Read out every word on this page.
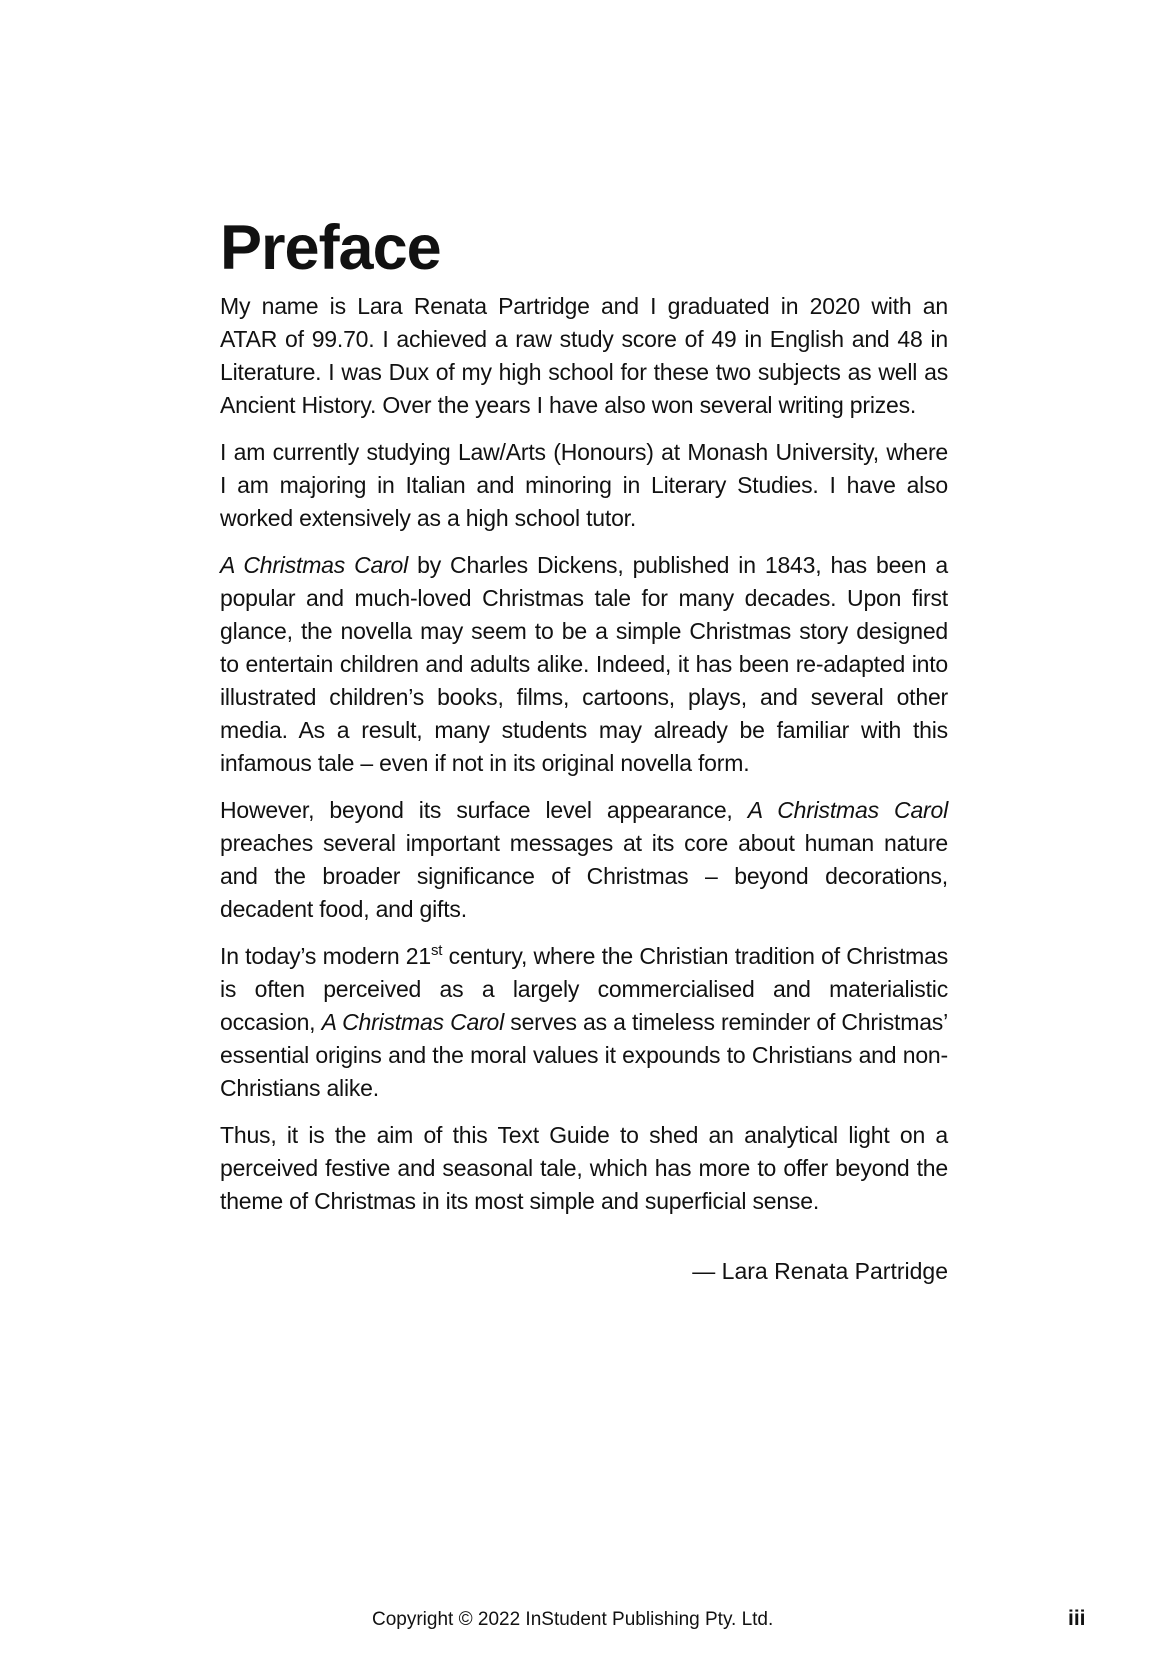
Preface

My name is Lara Renata Partridge and I graduated in 2020 with an ATAR of 99.70. I achieved a raw study score of 49 in English and 48 in Literature. I was Dux of my high school for these two subjects as well as Ancient History. Over the years I have also won several writing prizes.

I am currently studying Law/Arts (Honours) at Monash University, where I am majoring in Italian and minoring in Literary Studies. I have also worked extensively as a high school tutor.

A Christmas Carol by Charles Dickens, published in 1843, has been a popular and much-loved Christmas tale for many decades. Upon first glance, the novella may seem to be a simple Christmas story designed to entertain children and adults alike. Indeed, it has been re-adapted into illustrated children’s books, films, cartoons, plays, and several other media. As a result, many students may already be familiar with this infamous tale – even if not in its original novella form.

However, beyond its surface level appearance, A Christmas Carol preaches several important messages at its core about human nature and the broader significance of Christmas – beyond decorations, decadent food, and gifts.

In today’s modern 21st century, where the Christian tradition of Christmas is often perceived as a largely commercialised and materialistic occasion, A Christmas Carol serves as a timeless reminder of Christmas’ essential origins and the moral values it expounds to Christians and non-Christians alike.

Thus, it is the aim of this Text Guide to shed an analytical light on a perceived festive and seasonal tale, which has more to offer beyond the theme of Christmas in its most simple and superficial sense.

— Lara Renata Partridge
Copyright © 2022 InStudent Publishing Pty. Ltd.	iii
